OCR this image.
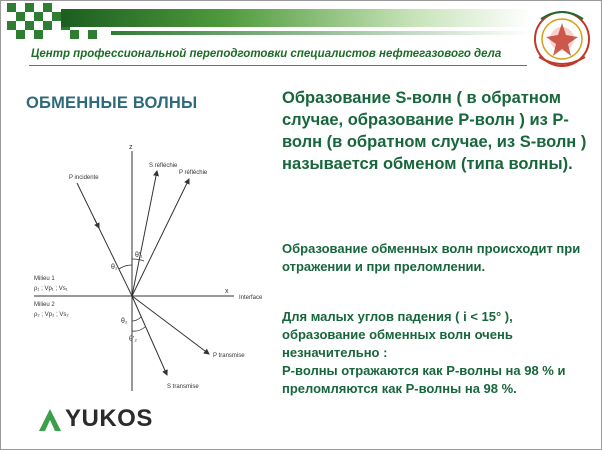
Центр профессиональной переподготовки специалистов нефтегазового дела
ОБМЕННЫЕ ВОЛНЫ
z
x
Interface
P incidente
P réfléchie
S réfléchie
P transmise
S transmise
θ₁
θ'₁
θ₂
θ'₂
Milieu 1
ρ₁ ; Vp₁ ; Vs₁
Milieu 2
ρ₂ ; Vp₂ ; Vs₂
YUKOS
Образование S-волн ( в обратном случае, образование P-волн ) из P-волн (в обратном случае, из S-волн ) называется обменом (типа волны).
Образование обменных волн происходит при отражении и при преломлении.
Для малых углов падения ( i < 15° ), образование обменных волн очень незначительно :
P-волны отражаются как P-волны на 98 % и преломляются как P-волны на 98 %.
